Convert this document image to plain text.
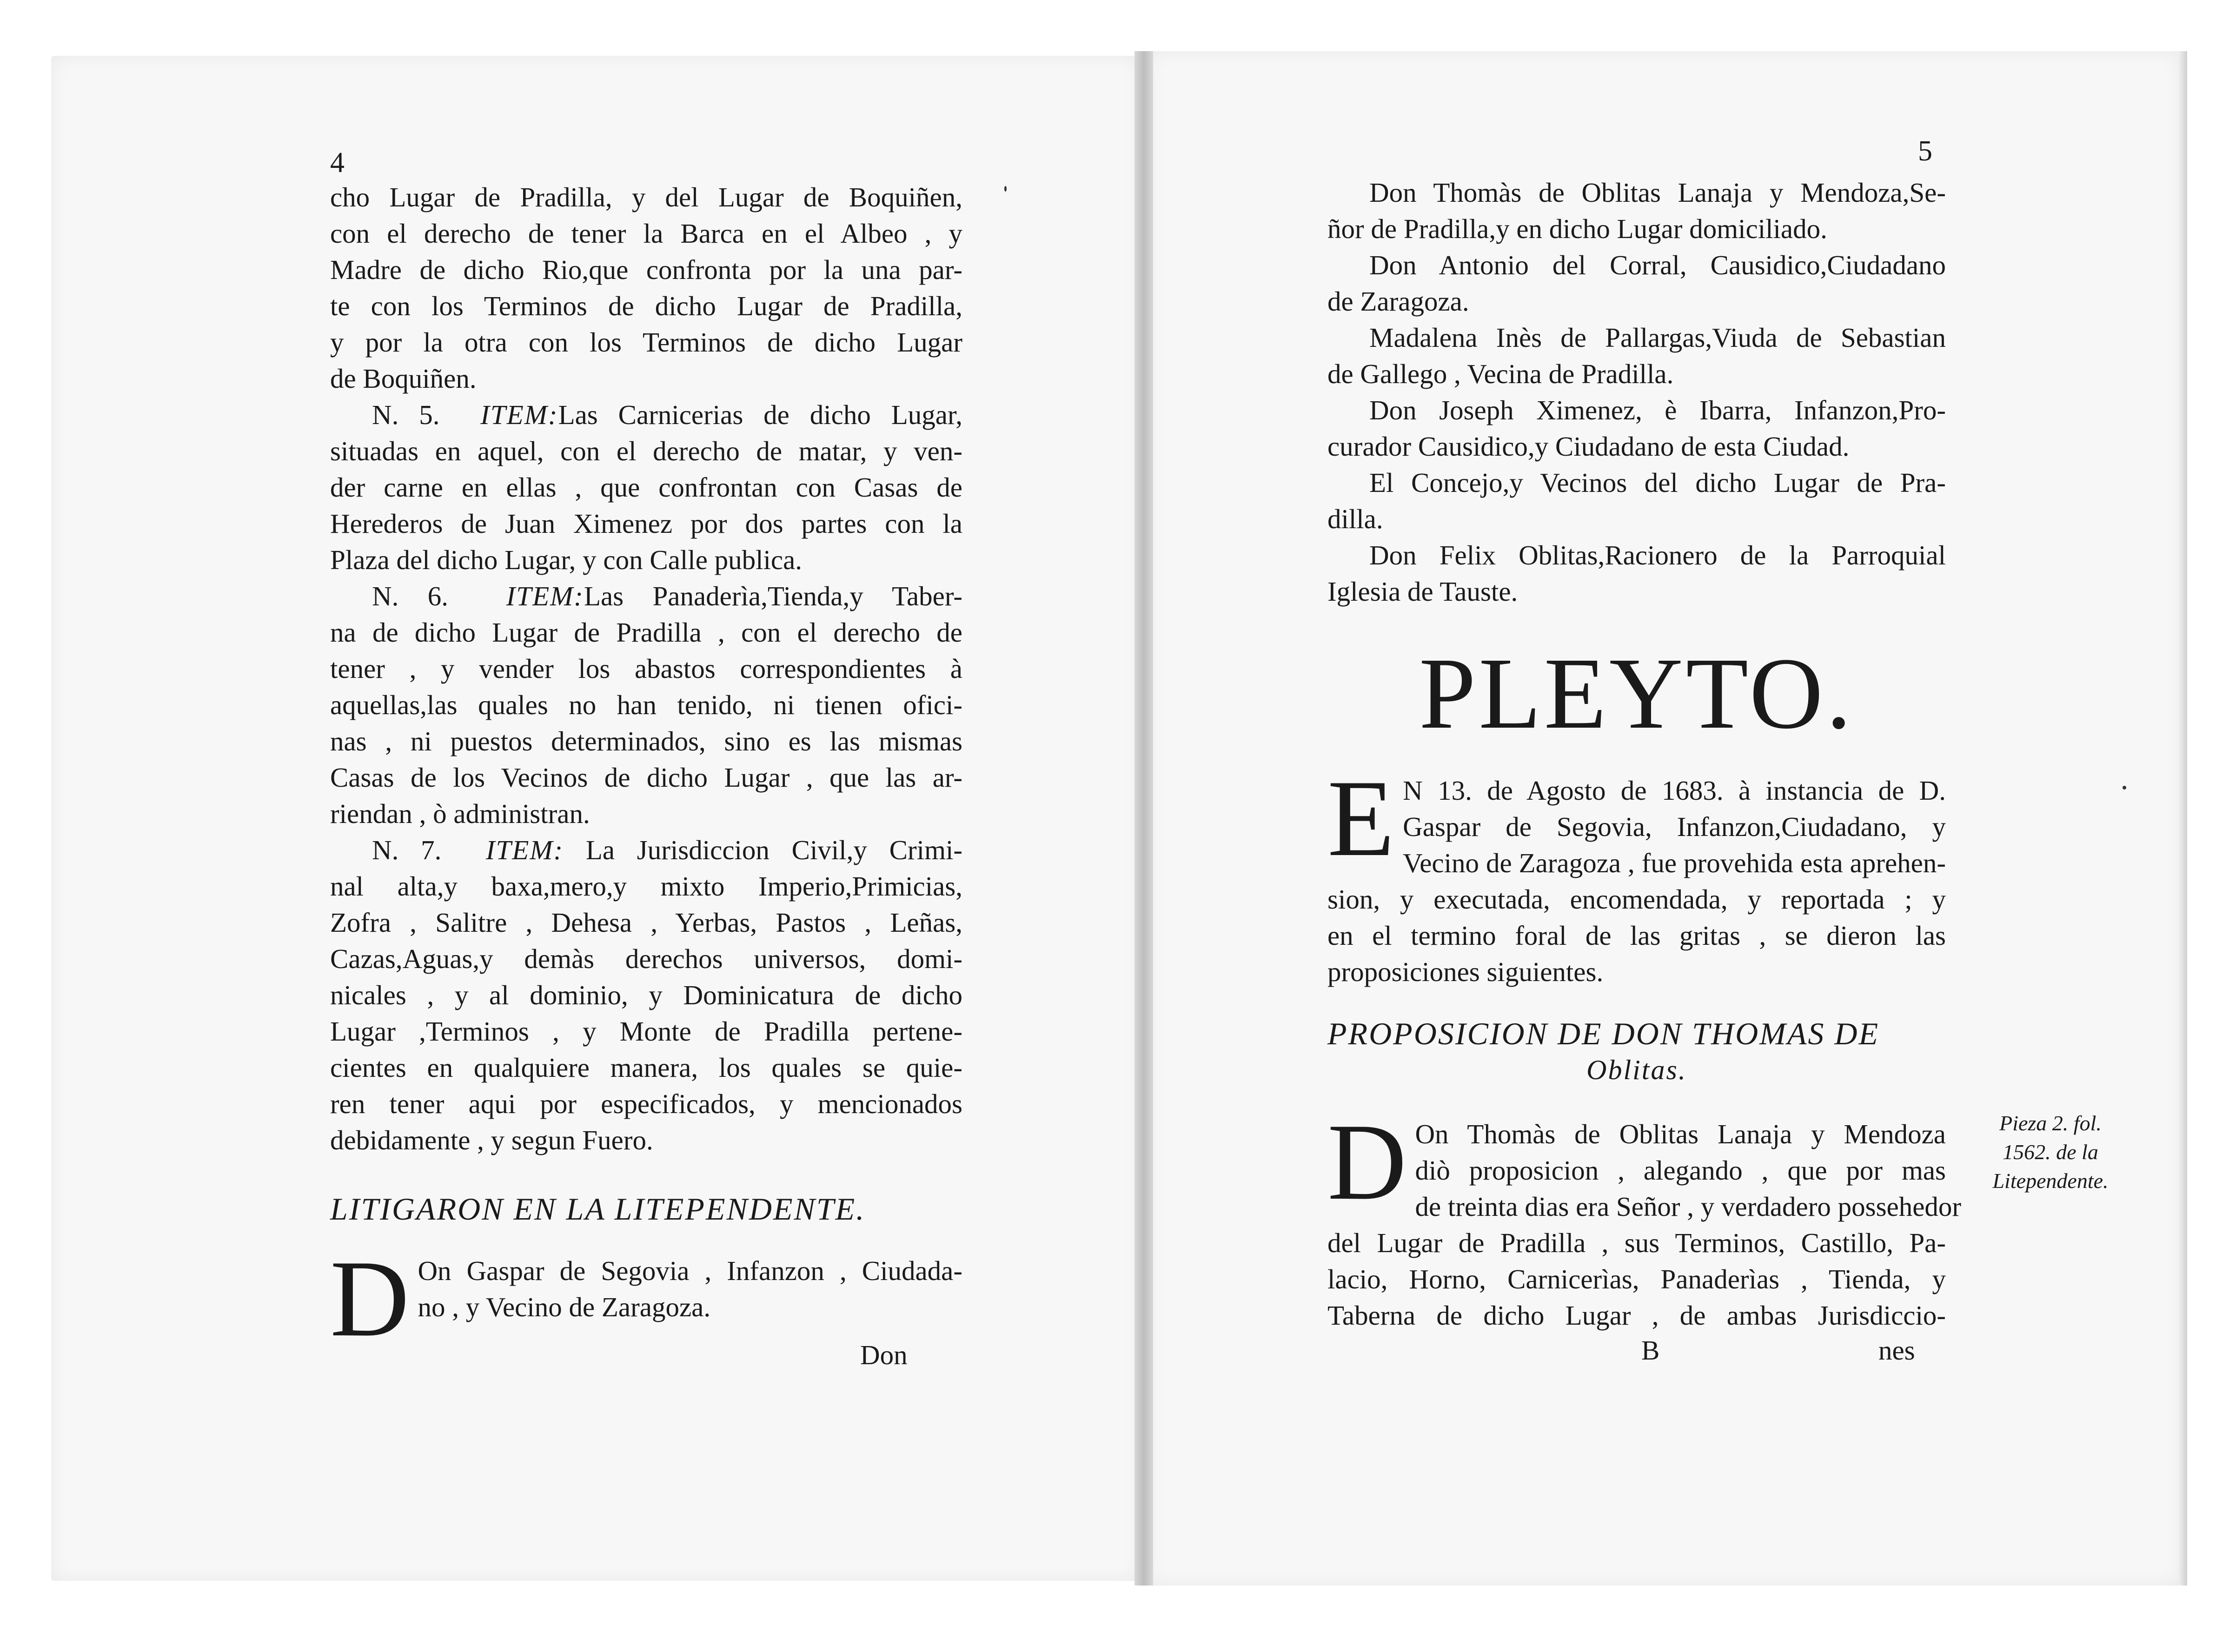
4
cho Lugar de Pradilla, y del Lugar de Boquiñen,
con el derecho de tener la Barca en el Albeo , y
Madre de dicho Rio,que confronta por la una par-
te con los Terminos de dicho Lugar de Pradilla,
y por la otra con los Terminos de dicho Lugar
de Boquiñen.
N. 5. ITEM:Las Carnicerias de dicho Lugar,
situadas en aquel, con el derecho de matar, y ven-
der carne en ellas , que confrontan con Casas de
Herederos de Juan Ximenez por dos partes con la
Plaza del dicho Lugar, y con Calle publica.
N. 6. ITEM:Las Panaderìa,Tienda,y Taber-
na de dicho Lugar de Pradilla , con el derecho de
tener , y vender los abastos correspondientes à
aquellas,las quales no han tenido, ni tienen ofici-
nas , ni puestos determinados, sino es las mismas
Casas de los Vecinos de dicho Lugar , que las ar-
riendan , ò administran.
N. 7. ITEM: La Jurisdiccion Civil,y Crimi-
nal alta,y baxa,mero,y mixto Imperio,Primicias,
Zofra , Salitre , Dehesa , Yerbas, Pastos , Leñas,
Cazas,Aguas,y demàs derechos universos, domi-
nicales , y al dominio, y Dominicatura de dicho
Lugar ,Terminos , y Monte de Pradilla pertene-
cientes en qualquiere manera, los quales se quie-
ren tener aqui por especificados, y mencionados
debidamente , y segun Fuero.
LITIGARON EN LA LITEPENDENTE.
D On Gaspar de Segovia , Infanzon , Ciudada-
no , y Vecino de Zaragoza.
Don
5
Don Thomàs de Oblitas Lanaja y Mendoza,Se-
ñor de Pradilla,y en dicho Lugar domiciliado.
Don Antonio del Corral, Causidico,Ciudadano
de Zaragoza.
Madalena Inès de Pallargas,Viuda de Sebastian
de Gallego , Vecina de Pradilla.
Don Joseph Ximenez, è Ibarra, Infanzon,Pro-
curador Causidico,y Ciudadano de esta Ciudad.
El Concejo,y Vecinos del dicho Lugar de Pra-
dilla.
Don Felix Oblitas,Racionero de la Parroquial
Iglesia de Tauste.
PLEYTO.
E N 13. de Agosto de 1683. à instancia de D.
Gaspar de Segovia, Infanzon,Ciudadano, y
Vecino de Zaragoza , fue provehida esta aprehen-
sion, y executada, encomendada, y reportada ; y
en el termino foral de las gritas , se dieron las
proposiciones siguientes.
PROPOSICION DE DON THOMAS DE
Oblitas.
D On Thomàs de Oblitas Lanaja y Mendoza
diò proposicion , alegando , que por mas
de treinta dias era Señor , y verdadero possehedor
del Lugar de Pradilla , sus Terminos, Castillo, Pa-
lacio, Horno, Carnicerìas, Panaderìas , Tienda, y
Taberna de dicho Lugar , de ambas Jurisdiccio-
Pieza 2. fol.
1562. de la
Litependente.
B	nes
